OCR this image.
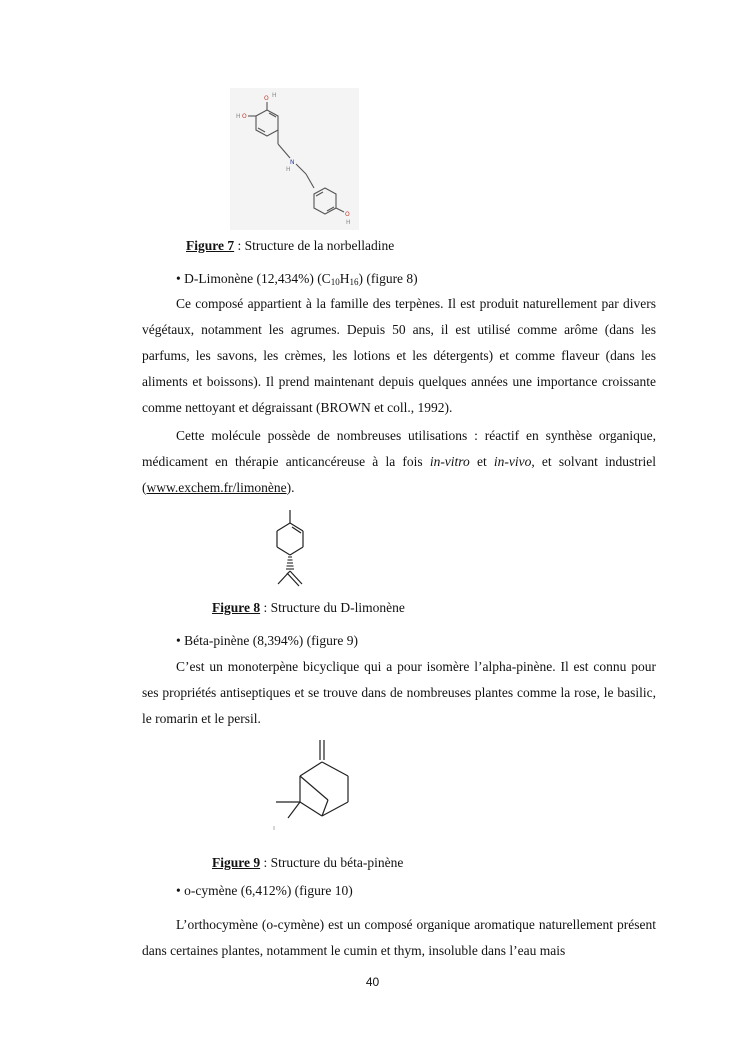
O H
O
H
O
H
N
H
Figure 7 : Structure de la norbelladine
• D-Limonène (12,434%) $(C_{10}H_{16})$ (figure 8)
Ce composé appartient à la famille des terpènes. Il est produit naturellement par divers végétaux, notamment les agrumes. Depuis 50 ans, il est utilisé comme arôme (dans les parfums, les savons, les crèmes, les lotions et les détergents) et comme flaveur (dans les aliments et boissons). Il prend maintenant depuis quelques années une importance croissante comme nettoyant et dégraissant (BROWN et coll., 1992).
Cette molécule possède de nombreuses utilisations : réactif en synthèse organique, médicament en thérapie anticancéreuse à la fois in-vitro et in-vivo, et solvant industriel (www.exchem.fr/limonène).
Figure 8 : Structure du D-limonène
• Béta-pinène (8,394%) (figure 9)
C’est un monoterpène bicyclique qui a pour isomère l’alpha-pinène. Il est connu pour ses propriétés antiseptiques et se trouve dans de nombreuses plantes comme la rose, le basilic, le romarin et le persil.
Figure 9 : Structure du béta-pinène
• o-cymène (6,412%) (figure 10)
L’orthocymène (o-cymène) est un composé organique aromatique naturellement présent dans certaines plantes, notamment le cumin et thym, insoluble dans l’eau mais
40
